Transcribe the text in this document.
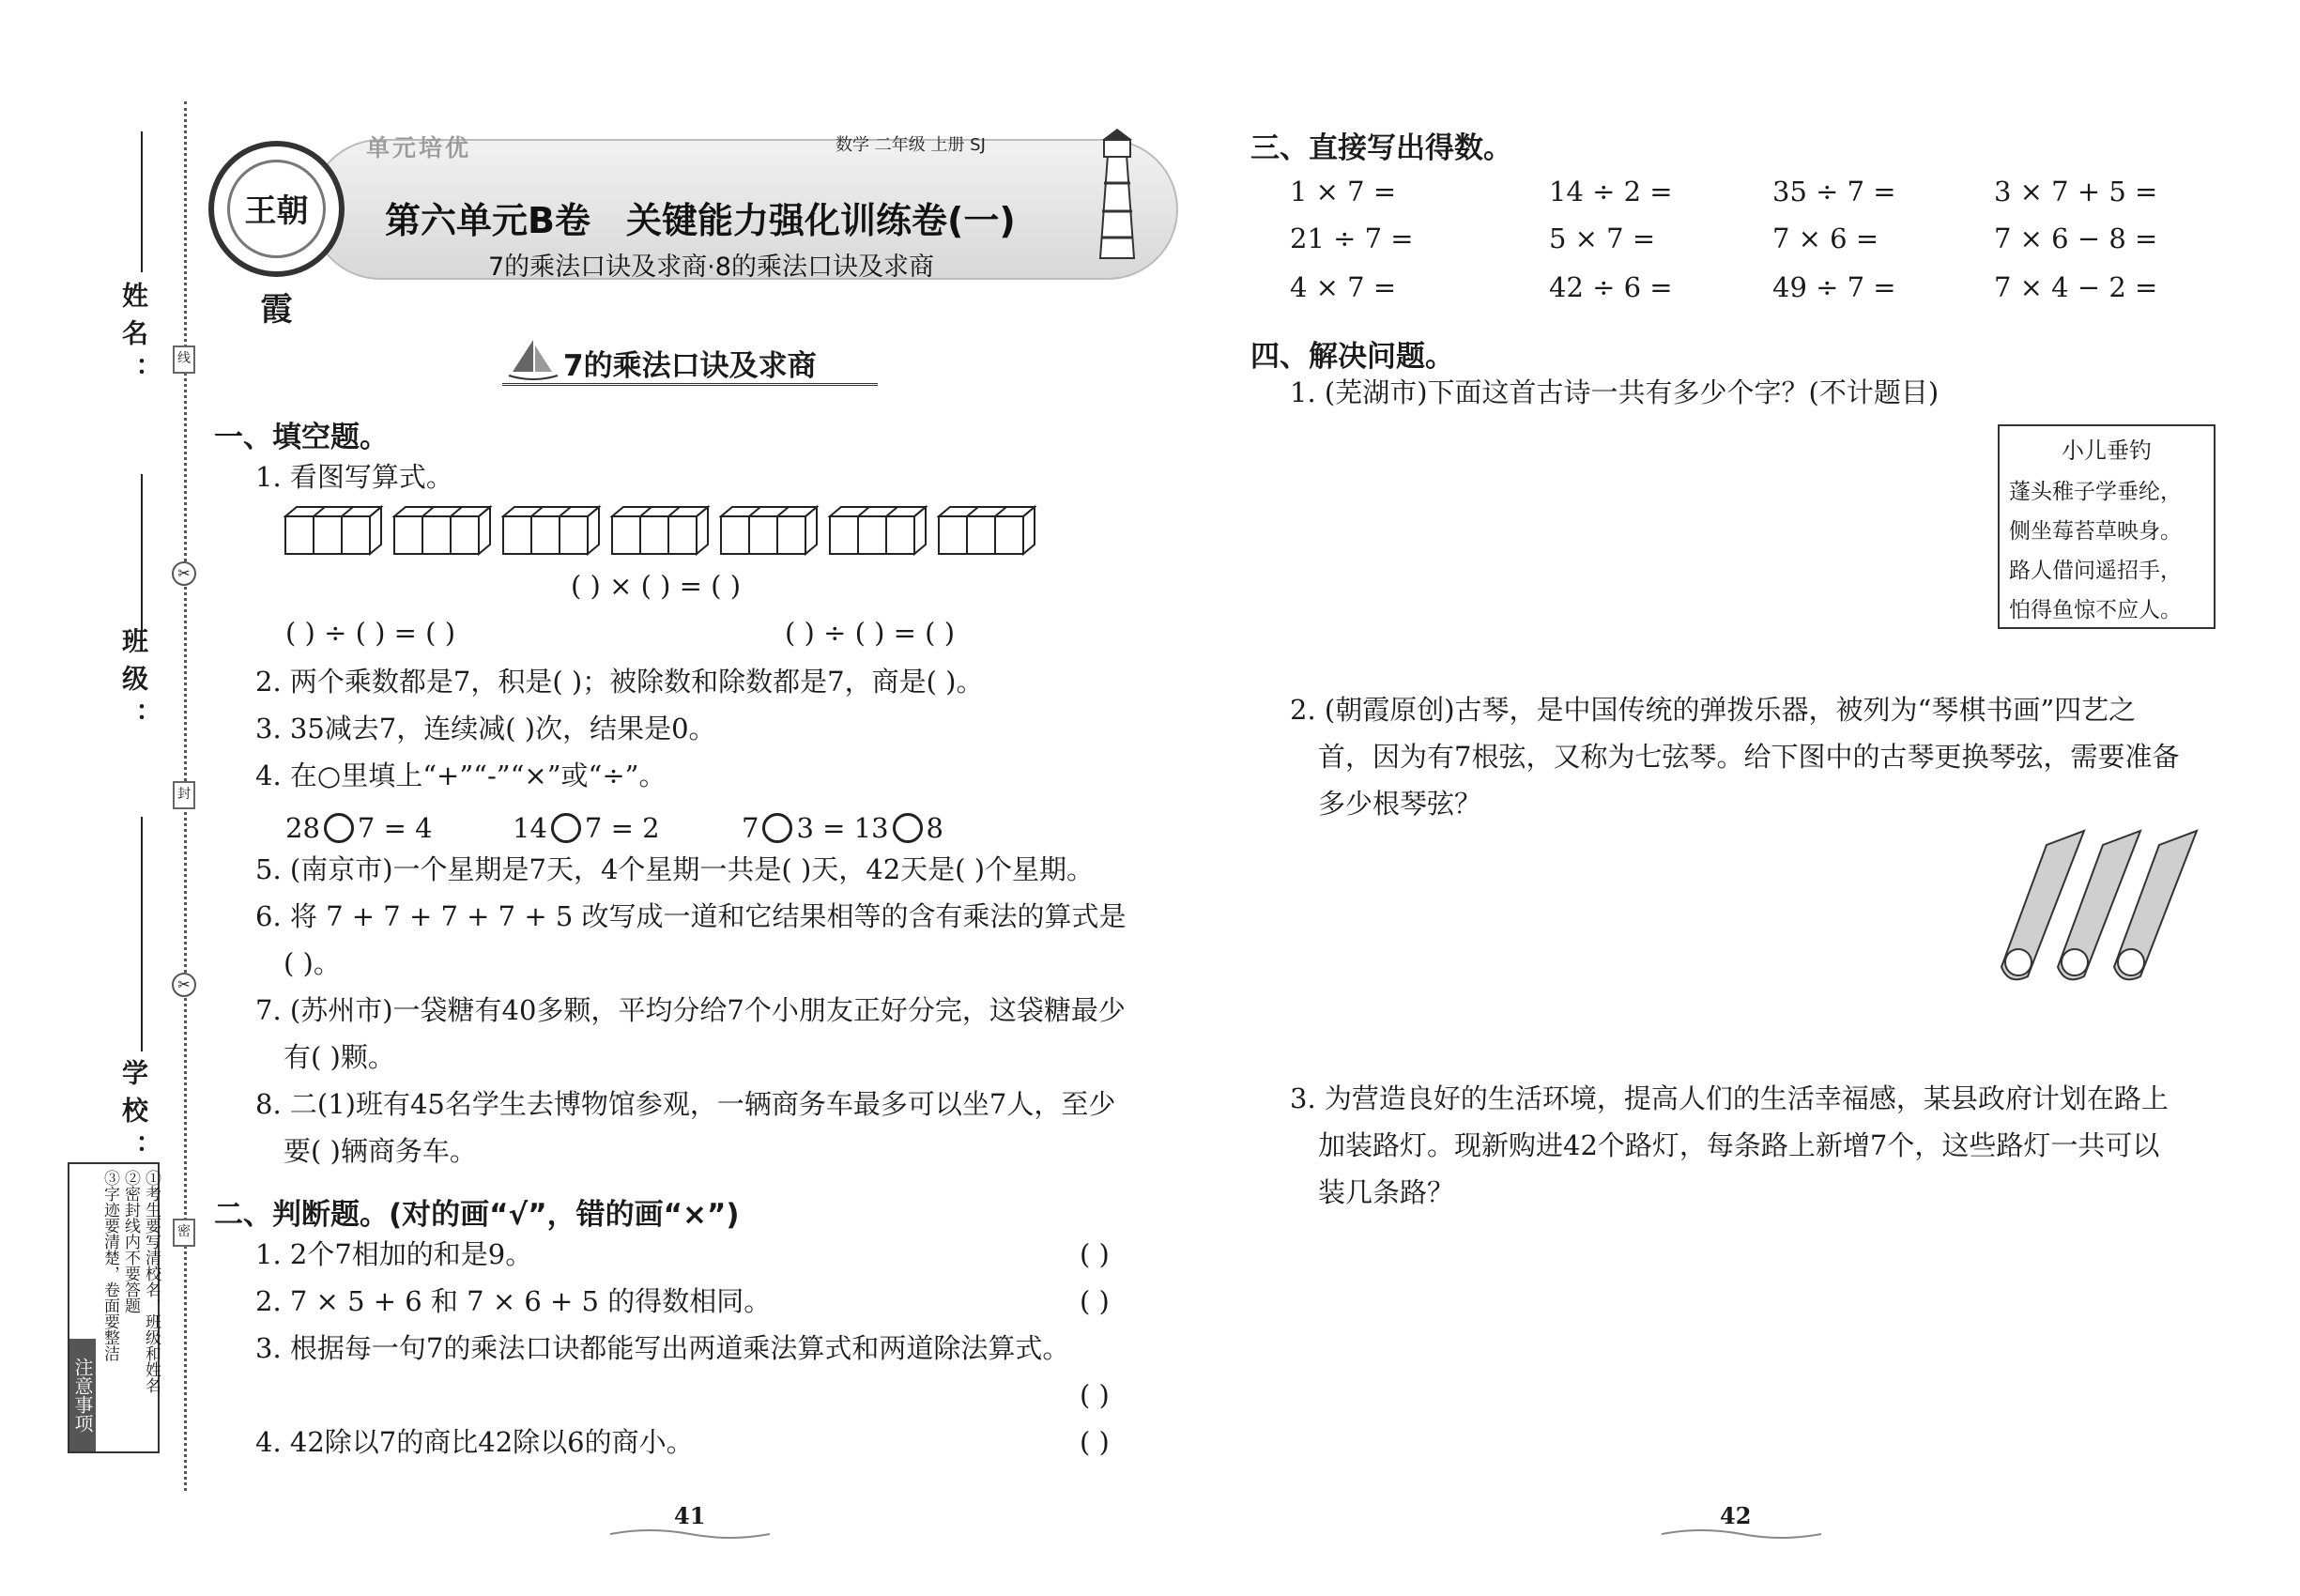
姓名：	线
✂
班级：
封
✂
学校：
密
注意事项
①考生要写清校名，班级和姓名
②密封线内不要答题
③字迹要清楚，卷面要整洁
单元培优	数学 二年级 上册 SJ
第六单元B卷　关键能力强化训练卷(一)
7的乘法口诀及求商·8的乘法口诀及求商
王朝霞
7的乘法口诀及求商
一、填空题。
1. 看图写算式。
( ) × ( ) = ( )
( ) ÷ ( ) = ( )	( ) ÷ ( ) = ( )
2. 两个乘数都是7，积是( )；被除数和除数都是7，商是( )。
3. 35减去7，连续减( )次，结果是0。
4. 在○里填上“+”“-”“×”或“÷”。
28 7 = 4	14 7 = 2	7 3 = 13 8
5. (南京市)一个星期是7天，4个星期一共是( )天，42天是( )个星期。
6. 将 7 + 7 + 7 + 7 + 5 改写成一道和它结果相等的含有乘法的算式是
( )。
7. (苏州市)一袋糖有40多颗，平均分给7个小朋友正好分完，这袋糖最少
有( )颗。
8. 二(1)班有45名学生去博物馆参观，一辆商务车最多可以坐7人，至少
要( )辆商务车。
二、判断题。(对的画“√”，错的画“×”)
1. 2个7相加的和是9。	( )
2. 7 × 5 + 6 和 7 × 6 + 5 的得数相同。	( )
3. 根据每一句7的乘法口诀都能写出两道乘法算式和两道除法算式。
( )
4. 42除以7的商比42除以6的商小。	( )
41
三、直接写出得数。
1 × 7 =	14 ÷ 2 =	35 ÷ 7 =	3 × 7 + 5 =
21 ÷ 7 =	5 × 7 =	7 × 6 =	7 × 6 − 8 =
4 × 7 =	42 ÷ 6 =	49 ÷ 7 =	7 × 4 − 2 =
四、解决问题。
1. (芜湖市)下面这首古诗一共有多少个字？(不计题目)
小儿垂钓
蓬头稚子学垂纶，
侧坐莓苔草映身。
路人借问遥招手，
怕得鱼惊不应人。
2. (朝霞原创)古琴，是中国传统的弹拨乐器，被列为“琴棋书画”四艺之
首，因为有7根弦，又称为七弦琴。给下图中的古琴更换琴弦，需要准备
多少根琴弦？
3. 为营造良好的生活环境，提高人们的生活幸福感，某县政府计划在路上
加装路灯。现新购进42个路灯，每条路上新增7个，这些路灯一共可以
装几条路？
42
